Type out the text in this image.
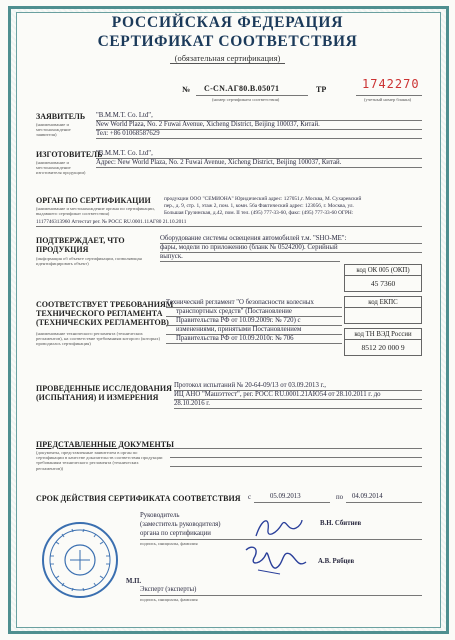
РОССИЙСКАЯ ФЕДЕРАЦИЯ
СЕРТИФИКАТ СООТВЕТСТВИЯ
(обязательная сертификация)
№ C-CN.АГ80.В.05071
(номер сертификата соответствия)
ТР	1742270
(учетный номер бланка)
ЗАЯВИТЕЛЬ
(наименование и местонахождение заявителя)
"B.M.M.T. Co. Ltd",
New World Plaza, No. 2 Fuwai Avenue, Xicheng District, Beijing 100037, Китай.
Тел: +86 01068587629
ИЗГОТОВИТЕЛЬ
(наименование и местонахождение изготовителя продукции)
"B.M.M.T. Co. Ltd",
Адрес: New World Plaza, No. 2 Fuwai Avenue, Xicheng District, Beijing 100037, Китай.
ОРГАН ПО СЕРТИФИКАЦИИ
(наименование и местонахождение органа по сертификации, выдавшего сертификат соответствия)
продукции ООО "СЕМИОНА" Юридический адрес: 127051,г. Москва, М. Сухаревский
пер., д. 9, стр. 1, этаж 2, пом. 1, комн. 56а Фактический адрес: 123056, г. Москва, ул.
Большая Грузинская, д.42, пом. II тел. (495) 777-33-60, факс: (495) 777-33-60 ОГРН:
1117746313960 Аттестат рег. № РОСС RU.0001.11АГ80 21.10.2011
ПОДТВЕРЖДАЕТ, ЧТО
ПРОДУКЦИЯ
(информация об объекте сертификации, позволяющая идентифицировать объект)
Оборудование системы освещения автомобилей т.м. "SHO-ME":
фары, модели по приложению (бланк № 0524200). Серийный
выпуск.
код ОК 005 (ОКП)
45 7360
СООТВЕТСТВУЕТ ТРЕБОВАНИЯМ
ТЕХНИЧЕСКОГО РЕГЛАМЕНТА
(ТЕХНИЧЕСКИХ РЕГЛАМЕНТОВ)
(наименование технического регламента (технических регламентов), на соответствие требованиям которого (которых) проводилась сертификация)
Технический регламент "О безопасности колесных
транспортных средств" (Постановление
Правительства РФ от 10.09.2009г. № 720) с
изменениями, принятыми Постановлением
Правительства РФ от 10.09.2010г. № 706
код ЕКПС
код ТН ВЭД России
8512 20 000 9
ПРОВЕДЕННЫЕ ИССЛЕДОВАНИЯ
(ИСПЫТАНИЯ) И ИЗМЕРЕНИЯ
Протокол испытаний № 20-64-09/13 от 03.09.2013 г.,
ИЦ АНО "Машэттест", рег. РОСС RU.0001.21АЮ54 от 28.10.2011 г. до
28.10.2016 г.
ПРЕДСТАВЛЕННЫЕ ДОКУМЕНТЫ
(документы, представленные заявителем в орган по сертификации в качестве доказательств соответствия продукции требованиям технического регламента (технических регламентов))
СРОК ДЕЙСТВИЯ СЕРТИФИКАТА СООТВЕТСТВИЯ с	05.09.2013	по 04.09.2014
Руководитель
(заместитель руководителя)
органа по сертификации
подпись, инициалы, фамилия
В.Н. Сбитнев
Эксперт (эксперты)
подпись, инициалы, фамилия
А.В. Рябцев
М.П.
